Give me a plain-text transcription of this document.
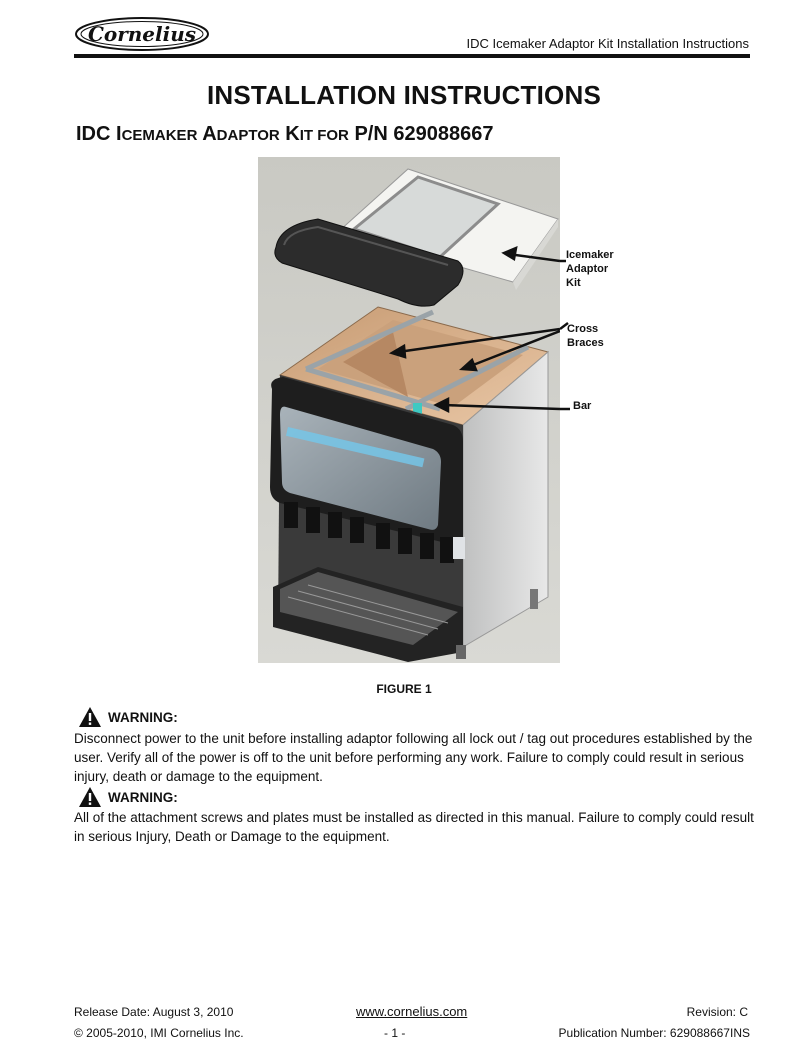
Cornelius	IDC Icemaker Adaptor Kit Installation Instructions
INSTALLATION INSTRUCTIONS
IDC ICEMAKER ADAPTOR KIT FOR P/N 629088667
Icemaker
Adaptor
Kit
Cross
Braces
Bar
FIGURE 1
WARNING:
Disconnect power to the unit before installing adaptor following all lock out / tag out procedures established by the user. Verify all of the power is off to the unit before performing any work. Failure to comply could result in serious injury, death or damage to the equipment.
WARNING:
All of the attachment screws and plates must be installed as directed in this manual. Failure to comply could result in serious Injury, Death or Damage to the equipment.
Release Date: August 3, 2010	www.cornelius.com	Revision: C
© 2005-2010, IMI Cornelius Inc.	- 1 -	Publication Number: 629088667INS
